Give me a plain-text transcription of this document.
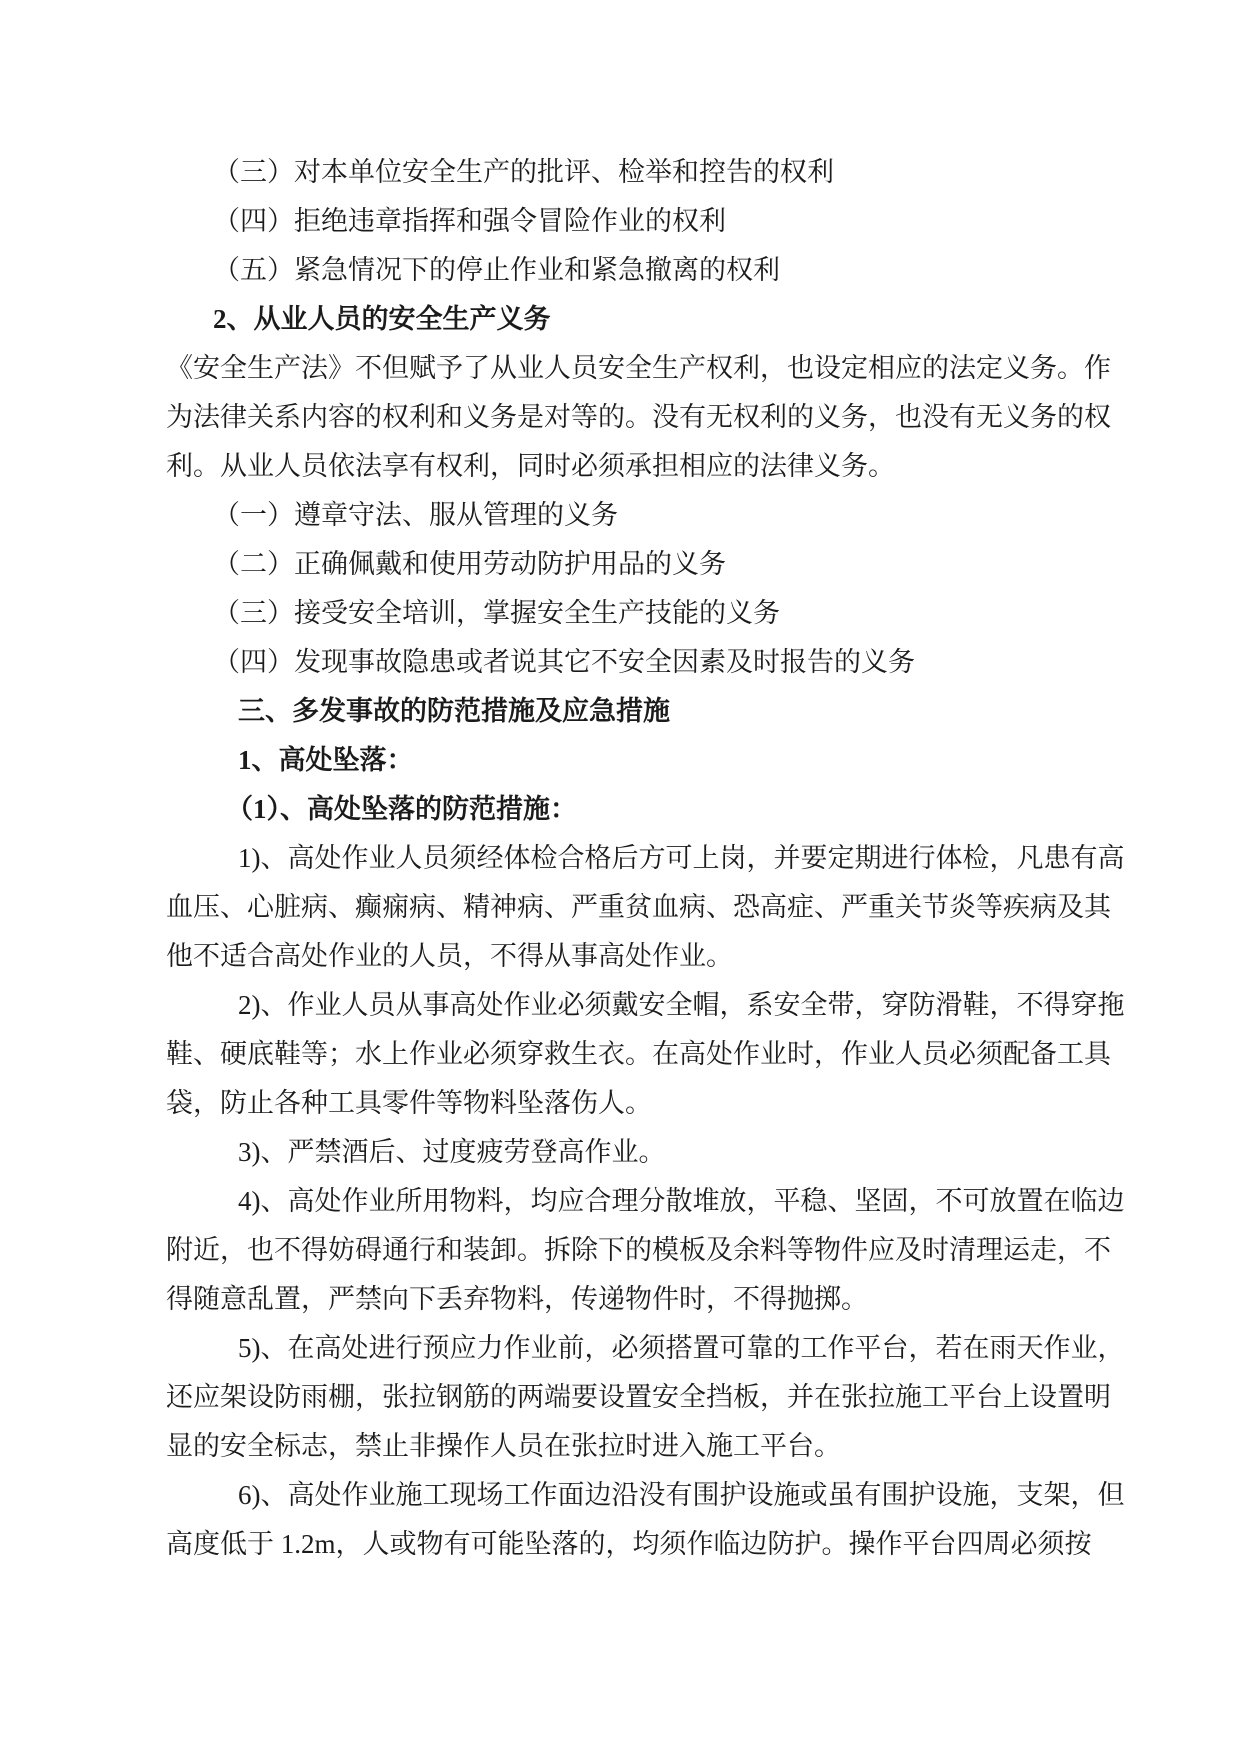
（三）对本单位安全生产的批评、检举和控告的权利

（四）拒绝违章指挥和强令冒险作业的权利

（五）紧急情况下的停止作业和紧急撤离的权利

2、从业人员的安全生产义务

《安全生产法》不但赋予了从业人员安全生产权利，也设定相应的法定义务。作

为法律关系内容的权利和义务是对等的。没有无权利的义务，也没有无义务的权

利。从业人员依法享有权利，同时必须承担相应的法律义务。

（一）遵章守法、服从管理的义务

（二）正确佩戴和使用劳动防护用品的义务

（三）接受安全培训，掌握安全生产技能的义务

（四）发现事故隐患或者说其它不安全因素及时报告的义务

三、多发事故的防范措施及应急措施

1、高处坠落：

（1）、高处坠落的防范措施：

1)、高处作业人员须经体检合格后方可上岗，并要定期进行体检，凡患有高

血压、心脏病、癫痫病、精神病、严重贫血病、恐高症、严重关节炎等疾病及其

他不适合高处作业的人员，不得从事高处作业。

2)、作业人员从事高处作业必须戴安全帽，系安全带，穿防滑鞋，不得穿拖

鞋、硬底鞋等；水上作业必须穿救生衣。在高处作业时，作业人员必须配备工具

袋，防止各种工具零件等物料坠落伤人。

3)、严禁酒后、过度疲劳登高作业。

4)、高处作业所用物料，均应合理分散堆放，平稳、坚固，不可放置在临边

附近，也不得妨碍通行和装卸。拆除下的模板及余料等物件应及时清理运走，不

得随意乱置，严禁向下丢弃物料，传递物件时，不得抛掷。

5)、在高处进行预应力作业前，必须搭置可靠的工作平台，若在雨天作业，

还应架设防雨棚，张拉钢筋的两端要设置安全挡板，并在张拉施工平台上设置明

显的安全标志，禁止非操作人员在张拉时进入施工平台。

6)、高处作业施工现场工作面边沿没有围护设施或虽有围护设施，支架，但

高度低于 1.2m，人或物有可能坠落的，均须作临边防护。操作平台四周必须按
